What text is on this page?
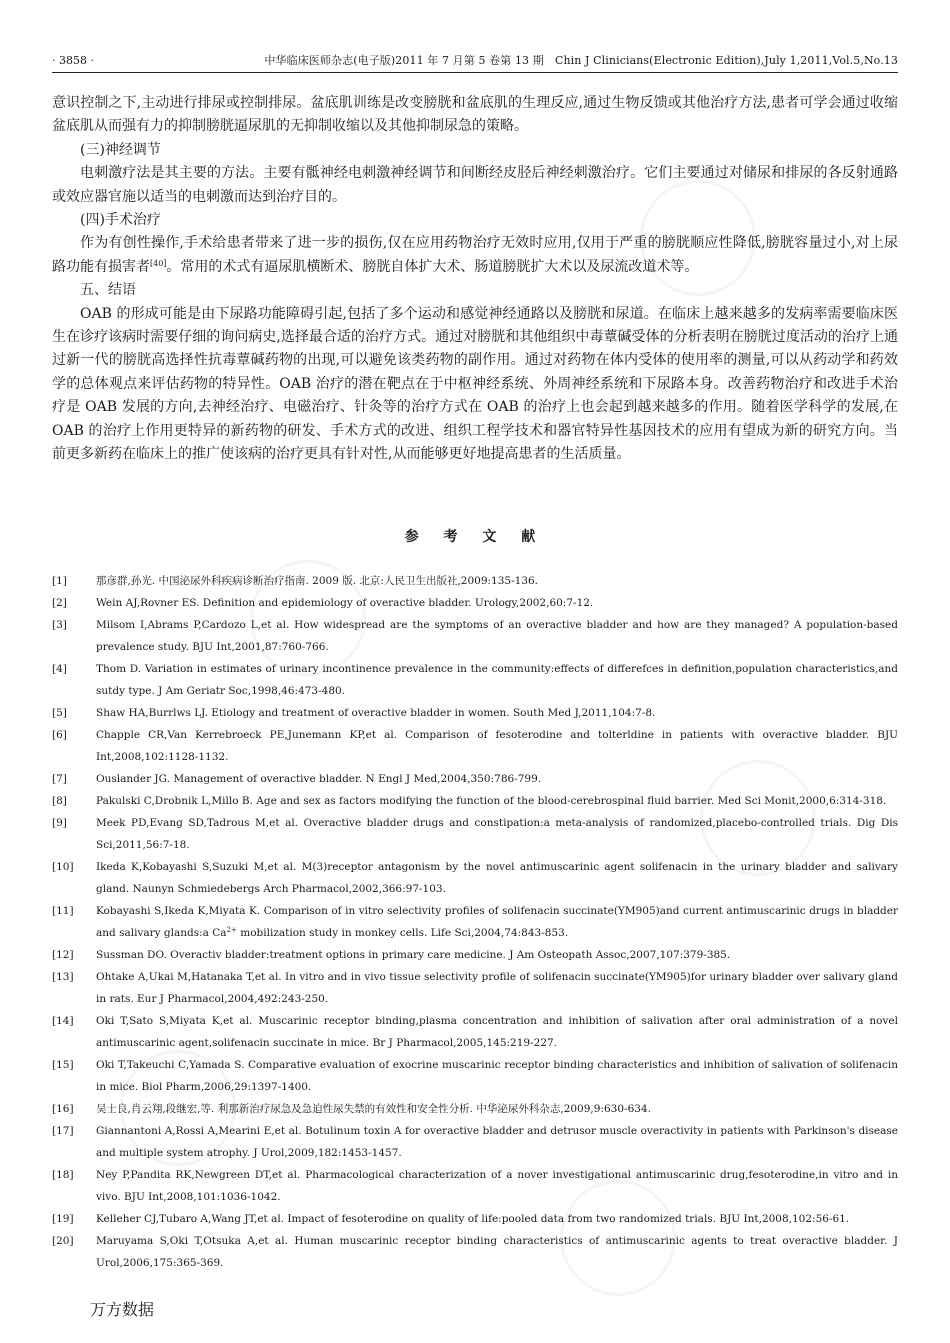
· 3858 ·	中华临床医师杂志(电子版)2011 年 7 月第 5 卷第 13 期　Chin J Clinicians(Electronic Edition),July 1,2011,Vol.5,No.13

意识控制之下,主动进行排尿或控制排尿。盆底肌训练是改变膀胱和盆底肌的生理反应,通过生物反馈或其他治疗方法,患者可学会通过收缩盆底肌从而强有力的抑制膀胱逼尿肌的无抑制收缩以及其他抑制尿急的策略。

(三)神经调节

电刺激疗法是其主要的方法。主要有骶神经电刺激神经调节和间断经皮胫后神经刺激治疗。它们主要通过对储尿和排尿的各反射通路或效应器官施以适当的电刺激而达到治疗目的。

(四)手术治疗

作为有创性操作,手术给患者带来了进一步的损伤,仅在应用药物治疗无效时应用,仅用于严重的膀胱顺应性降低,膀胱容量过小,对上尿路功能有损害者[40]。常用的术式有逼尿肌横断术、膀胱自体扩大术、肠道膀胱扩大术以及尿流改道术等。

五、结语

OAB 的形成可能是由下尿路功能障碍引起,包括了多个运动和感觉神经通路以及膀胱和尿道。在临床上越来越多的发病率需要临床医生在诊疗该病时需要仔细的询问病史,选择最合适的治疗方式。通过对膀胱和其他组织中毒蕈碱受体的分析表明在膀胱过度活动的治疗上通过新一代的膀胱高选择性抗毒蕈碱药物的出现,可以避免该类药物的副作用。通过对药物在体内受体的使用率的测量,可以从药动学和药效学的总体观点来评估药物的特异性。OAB 治疗的潜在靶点在于中枢神经系统、外周神经系统和下尿路本身。改善药物治疗和改进手术治疗是 OAB 发展的方向,去神经治疗、电磁治疗、针灸等的治疗方式在 OAB 的治疗上也会起到越来越多的作用。随着医学科学的发展,在 OAB 的治疗上作用更特异的新药物的研发、手术方式的改进、组织工程学技术和器官特异性基因技术的应用有望成为新的研究方向。当前更多新药在临床上的推广使该病的治疗更具有针对性,从而能够更好地提高患者的生活质量。

参 考 文 献
[1]	那彦群,孙光. 中国泌尿外科疾病诊断治疗指南. 2009 版. 北京:人民卫生出版社,2009:135-136.
[2]	Wein AJ,Rovner ES. Definition and epidemiology of overactive bladder. Urology,2002,60:7-12.
[3]	Milsom I,Abrams P,Cardozo L,et al. How widespread are the symptoms of an overactive bladder and how are they managed? A population-based prevalence study. BJU Int,2001,87:760-766.
[4]	Thom D. Variation in estimates of urinary incontinence prevalence in the community:effects of differefces in definition,population characteristics,and sutdy type. J Am Geriatr Soc,1998,46:473-480.
[5]	Shaw HA,Burrlws LJ. Etiology and treatment of overactive bladder in women. South Med J,2011,104:7-8.
[6]	Chapple CR,Van Kerrebroeck PE,Junemann KP,et al. Comparison of fesoterodine and tolterldine in patients with overactive bladder. BJU Int,2008,102:1128-1132.
[7]	Ouslander JG. Management of overactive bladder. N Engl J Med,2004,350:786-799.
[8]	Pakulski C,Drobnik L,Millo B. Age and sex as factors modifying the function of the blood-cerebrospinal fluid barrier. Med Sci Monit,2000,6:314-318.
[9]	Meek PD,Evang SD,Tadrous M,et al. Overactive bladder drugs and constipation:a meta-analysis of randomized,placebo-controlled trials. Dig Dis Sci,2011,56:7-18.
[10]	Ikeda K,Kobayashi S,Suzuki M,et al. M(3)receptor antagonism by the novel antimuscarinic agent solifenacin in the urinary bladder and salivary gland. Naunyn Schmiedebergs Arch Pharmacol,2002,366:97-103.
[11]	Kobayashi S,Ikeda K,Miyata K. Comparison of in vitro selectivity profiles of solifenacin succinate(YM905)and current antimuscarinic drugs in bladder and salivary glands:a $Ca^{2+}$ mobilization study in monkey cells. Life Sci,2004,74:843-853.
[12]	Sussman DO. Overactiv bladder:treatment options in primary care medicine. J Am Osteopath Assoc,2007,107:379-385.
[13]	Ohtake A,Ukai M,Hatanaka T,et al. In vitro and in vivo tissue selectivity profile of solifenacin succinate(YM905)for urinary bladder over salivary gland in rats. Eur J Pharmacol,2004,492:243-250.
[14]	Oki T,Sato S,Miyata K,et al. Muscarinic receptor binding,plasma concentration and inhibition of salivation after oral administration of a novel antimuscarinic agent,solifenacin succinate in mice. Br J Pharmacol,2005,145:219-227.
[15]	Oki T,Takeuchi C,Yamada S. Comparative evaluation of exocrine muscarinic receptor binding characteristics and inhibition of salivation of solifenacin in mice. Biol Pharm,2006,29:1397-1400.
[16]	吴士良,肖云翔,段继宏,等. 利那新治疗尿急及急迫性尿失禁的有效性和安全性分析. 中华泌尿外科杂志,2009,9:630-634.
[17]	Giannantoni A,Rossi A,Mearini E,et al. Botulinum toxin A for overactive bladder and detrusor muscle overactivity in patients with Parkinson's disease and multiple system atrophy. J Urol,2009,182:1453-1457.
[18]	Ney P,Pandita RK,Newgreen DT,et al. Pharmacological characterization of a nover investigational antimuscarinic drug,fesoterodine,in vitro and in vivo. BJU Int,2008,101:1036-1042.
[19]	Kelleher CJ,Tubaro A,Wang JT,et al. Impact of fesoterodine on quality of life:pooled data from two randomized trials. BJU Int,2008,102:56-61.
[20]	Maruyama S,Oki T,Otsuka A,et al. Human muscarinic receptor binding characteristics of antimuscarinic agents to treat overactive bladder. J Urol,2006,175:365-369.
万方数据
